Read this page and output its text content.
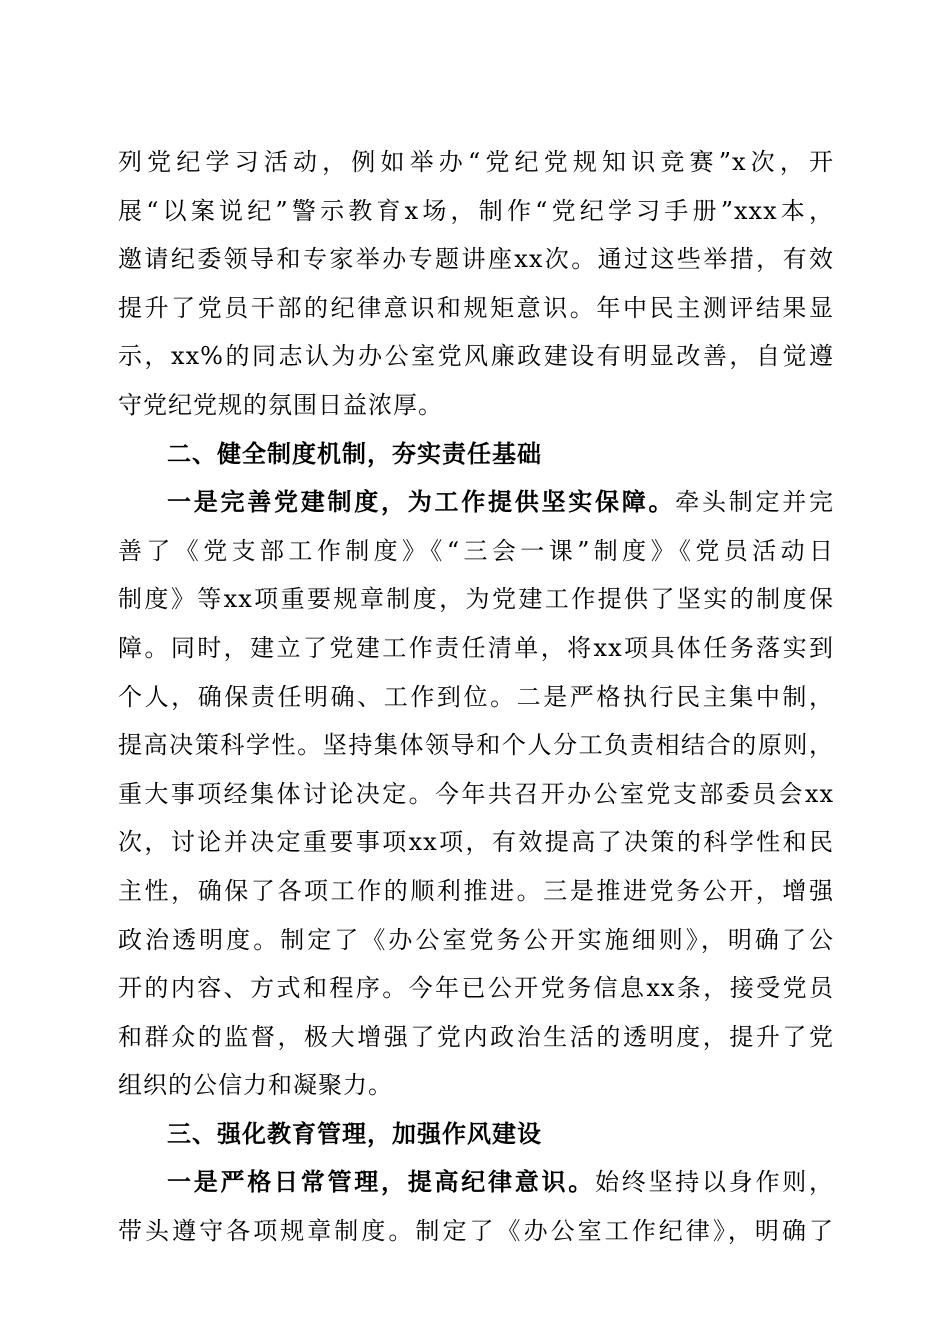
列党纪学习活动，例如举办“党纪党规知识竞赛”x次，开
展“以案说纪”警示教育x场，制作“党纪学习手册”xxx本，
邀请纪委领导和专家举办专题讲座xx次。通过这些举措，有效
提升了党员干部的纪律意识和规矩意识。年中民主测评结果显
示，xx%的同志认为办公室党风廉政建设有明显改善，自觉遵
守党纪党规的氛围日益浓厚。
二、健全制度机制，夯实责任基础
一是完善党建制度，为工作提供坚实保障。牵头制定并完
善了《党支部工作制度》《“三会一课”制度》《党员活动日
制度》等xx项重要规章制度，为党建工作提供了坚实的制度保
障。同时，建立了党建工作责任清单，将xx项具体任务落实到
个人，确保责任明确、工作到位。二是严格执行民主集中制，
提高决策科学性。坚持集体领导和个人分工负责相结合的原则，
重大事项经集体讨论决定。今年共召开办公室党支部委员会xx
次，讨论并决定重要事项xx项，有效提高了决策的科学性和民
主性，确保了各项工作的顺利推进。三是推进党务公开，增强
政治透明度。制定了《办公室党务公开实施细则》，明确了公
开的内容、方式和程序。今年已公开党务信息xx条，接受党员
和群众的监督，极大增强了党内政治生活的透明度，提升了党
组织的公信力和凝聚力。
三、强化教育管理，加强作风建设
一是严格日常管理，提高纪律意识。始终坚持以身作则，
带头遵守各项规章制度。制定了《办公室工作纪律》，明确了
